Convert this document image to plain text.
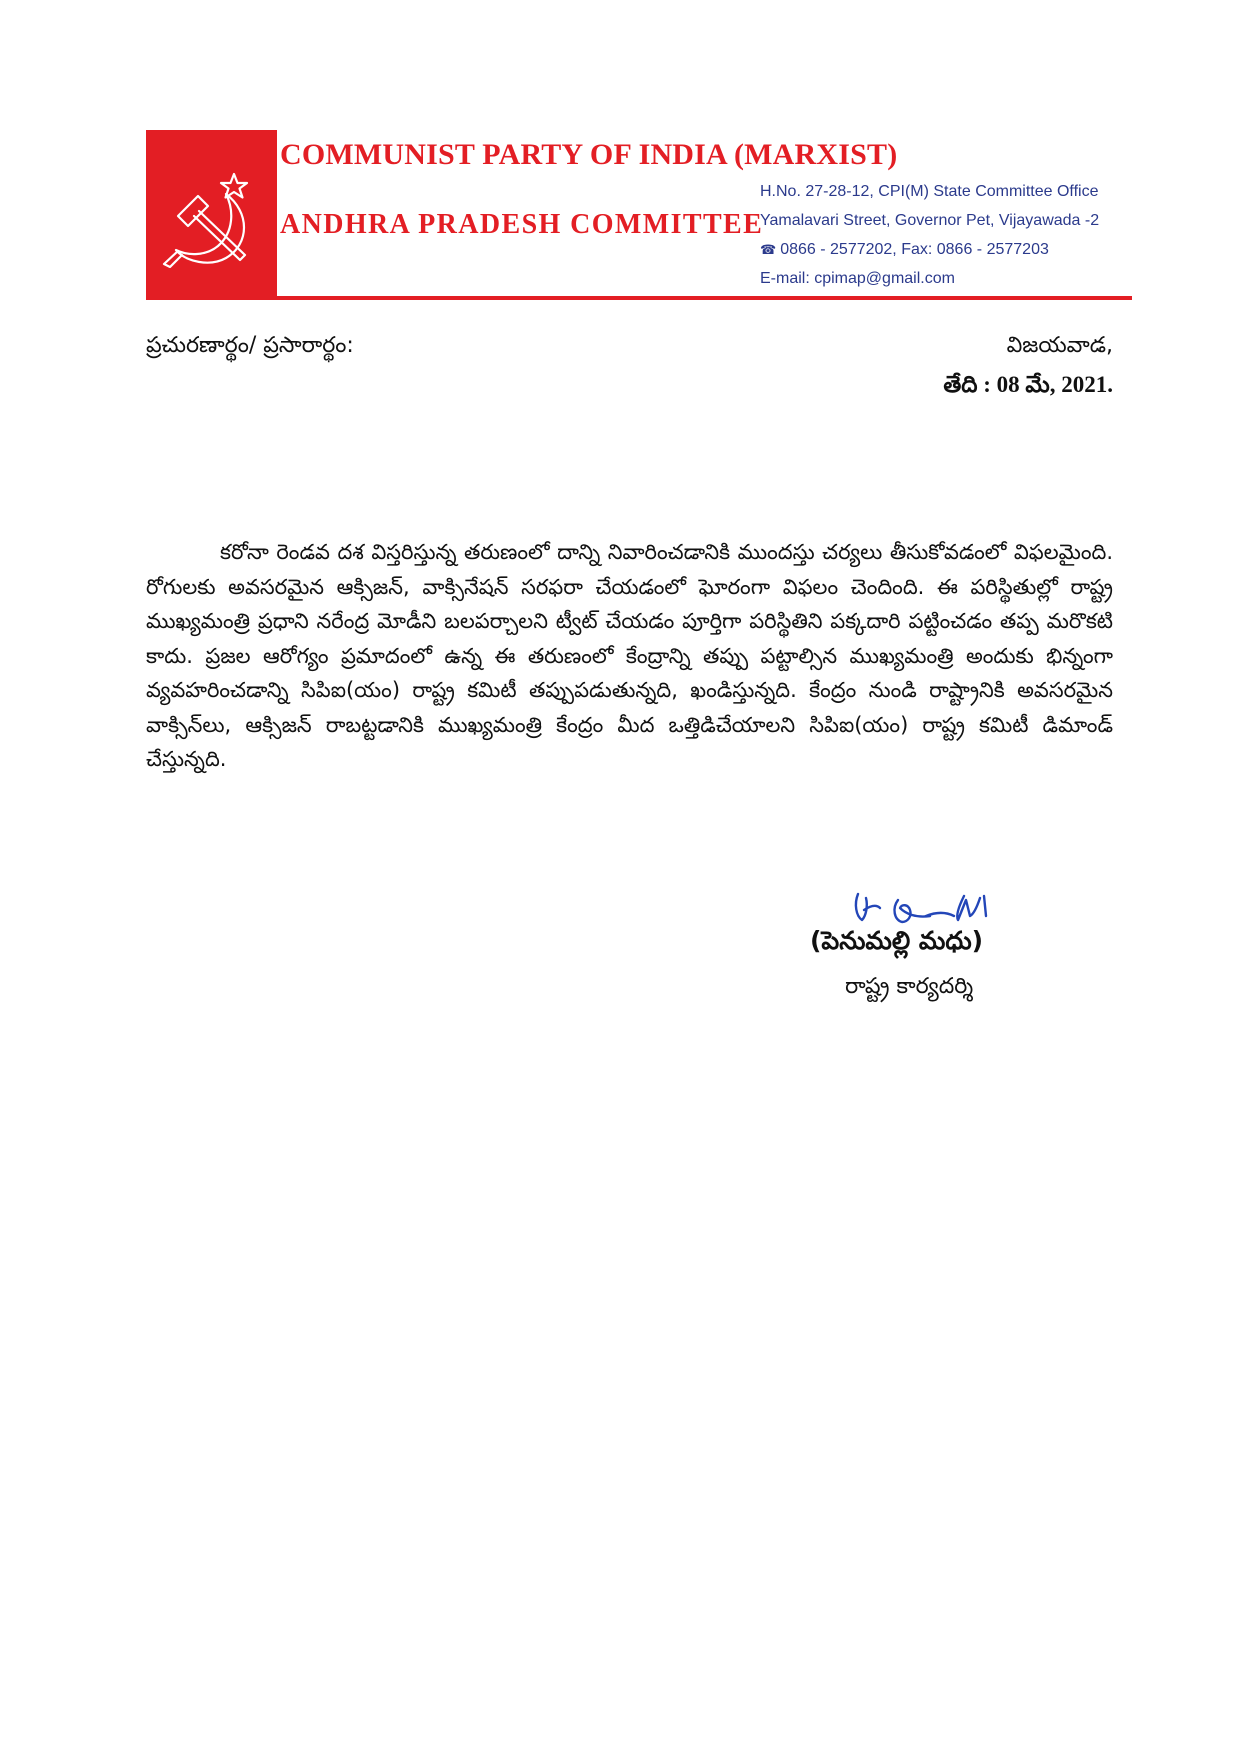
COMMUNIST PARTY OF INDIA (MARXIST)
ANDHRA PRADESH COMMITTEE
H.No. 27-28-12, CPI(M) State Committee Office
Yamalavari Street, Governor Pet, Vijayawada -2
☎ 0866 - 2577202, Fax: 0866 - 2577203
E-mail: cpimap@gmail.com
ప్రచురణార్థం/ ప్రసారార్థం:	విజయవాడ,
తేది : 08 మే, 2021.

కరోనా రెండవ దశ విస్తరిస్తున్న తరుణంలో దాన్ని నివారించడానికి ముందస్తు చర్యలు తీసుకోవడంలో విఫలమైంది. రోగులకు అవసరమైన ఆక్సిజన్, వాక్సినేషన్ సరఫరా చేయడంలో ఘోరంగా విఫలం చెందింది. ఈ పరిస్థితుల్లో రాష్ట్ర ముఖ్యమంత్రి ప్రధాని నరేంద్ర మోడీని బలపర్చాలని ట్వీట్ చేయడం పూర్తిగా పరిస్థితిని పక్కదారి పట్టించడం తప్ప మరొకటి కాదు. ప్రజల ఆరోగ్యం ప్రమాదంలో ఉన్న ఈ తరుణంలో కేంద్రాన్ని తప్పు పట్టాల్సిన ముఖ్యమంత్రి అందుకు భిన్నంగా వ్యవహరించడాన్ని సిపిఐ(యం) రాష్ట్ర కమిటీ తప్పుపడుతున్నది, ఖండిస్తున్నది. కేంద్రం నుండి రాష్ట్రానికి అవసరమైన వాక్సిన్‌లు, ఆక్సిజన్ రాబట్టడానికి ముఖ్యమంత్రి కేంద్రం మీద ఒత్తిడిచేయాలని సిపిఐ(యం) రాష్ట్ర కమిటీ డిమాండ్ చేస్తున్నది.

(పెనుమల్లి మధు)
రాష్ట్ర కార్యదర్శి
